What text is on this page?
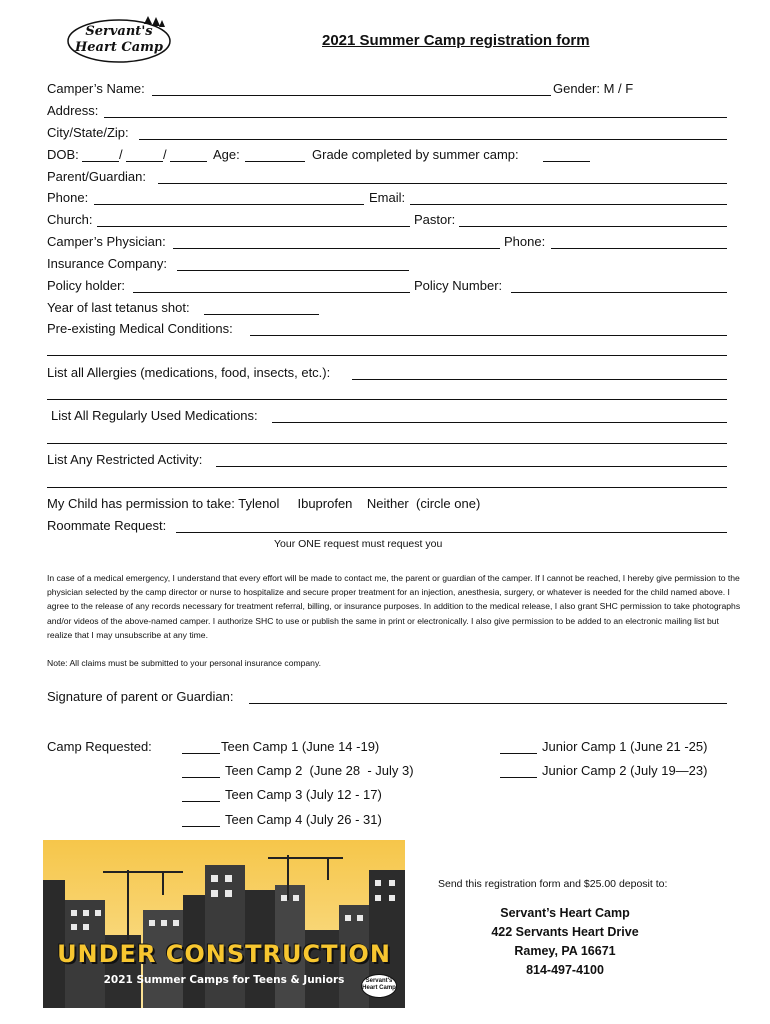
Servant's
Heart Camp	2021 Summer Camp registration form
Camper’s Name:	Gender: M / F
Address:
City/State/Zip:
DOB:	/	/	Age:	Grade completed by summer camp:
Parent/Guardian:
Phone:	Email:
Church:	Pastor:
Camper’s Physician:	Phone:
Insurance Company:
Policy holder:	Policy Number:
Year of last tetanus shot:
Pre-existing Medical Conditions:
List all Allergies (medications, food, insects, etc.):
List All Regularly Used Medications:
List Any Restricted Activity:
My Child has permission to take: Tylenol     Ibuprofen    Neither  (circle one)
Roommate Request:
Your ONE request must request you
In case of a medical emergency, I understand that every effort will be made to contact me, the parent or guardian of the camper. If I cannot be reached, I hereby give permission to the physician selected by the camp director or nurse to hospitalize and secure proper treatment for an injection, anesthesia, surgery, or whatever is needed for the child named above. I agree to the release of any records necessary for treatment referral, billing, or insurance purposes. In addition to the medical release, I also grant SHC permission to take photographs and/or videos of the above-named camper. I authorize SHC to use or publish the same in print or electronically. I also give permission to be added to an electronic mailing list but realize that I may unsubscribe at any time.
Note: All claims must be submitted to your personal insurance company.
Signature of parent or Guardian:
Camp Requested:	Teen Camp 1 (June 14 -19)
Teen Camp 2  (June 28  - July 3)
Teen Camp 3 (July 12 - 17)
Teen Camp 4 (July 26 - 31)
Junior Camp 1 (June 21 -25)
Junior Camp 2 (July 19—23)
UNDER CONSTRUCTION
2021 Summer Camps for Teens & Juniors	Servant's
Heart Camp
Send this registration form and $25.00 deposit to:
Servant’s Heart Camp
422 Servants Heart Drive
Ramey, PA 16671
814-497-4100
